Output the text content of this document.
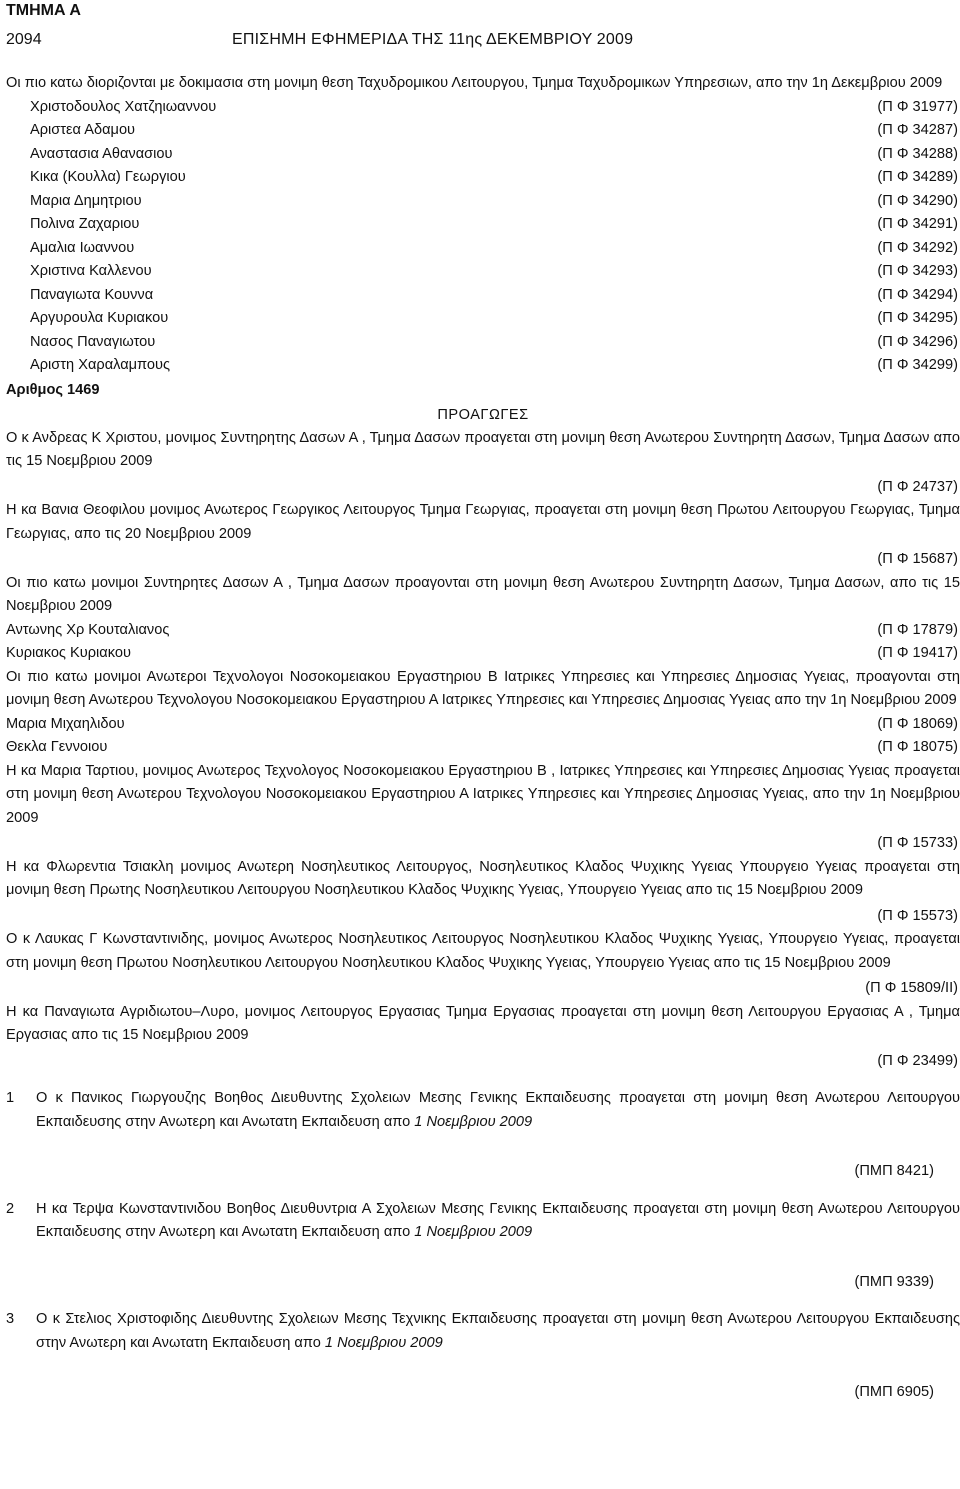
ΤΜΗΜΑ Α
2094	ΕΠΙΣΗΜΗ ΕΦΗΜΕΡΙΔΑ ΤΗΣ 11ης ΔΕΚΕΜΒΡΙΟΥ 2009
Οι πιο κατω διοριζονται με δοκιμασια στη μονιμη θεση Ταχυδρομικου Λειτουργου, Τμημα Ταχυδρομικων Υπηρεσιων, απο την 1η Δεκεμβριου 2009
Χριστοδουλος Χατζηιωαννου	(Π Φ 31977)
Αριστεα Αδαμου	(Π Φ 34287)
Αναστασια Αθανασιου	(Π Φ 34288)
Κικα (Κουλλα) Γεωργιου	(Π Φ 34289)
Μαρια Δημητριου	(Π Φ 34290)
Πολινα Ζαχαριου	(Π Φ 34291)
Αμαλια Ιωαννου	(Π Φ 34292)
Χριστινα Καλλενου	(Π Φ 34293)
Παναγιωτα Κουννα	(Π Φ 34294)
Αργυρουλα Κυριακου	(Π Φ 34295)
Νασος Παναγιωτου	(Π Φ 34296)
Αριστη Χαραλαμπους	(Π Φ 34299)
Αριθμος 1469
ΠΡΟΑΓΩΓΕΣ
Ο κ Ανδρεας Κ Χριστου, μονιμος Συντηρητης Δασων Α , Τμημα Δασων προαγεται στη μονιμη θεση Ανωτερου Συντηρητη Δασων, Τμημα Δασων απο τις 15 Νοεμβριου 2009
(Π Φ 24737)
Η κα Βανια Θεοφιλου μονιμος Ανωτερος Γεωργικος Λειτουργος Τμημα Γεωργιας, προαγεται στη μονιμη θεση Πρωτου Λειτουργου Γεωργιας, Τμημα Γεωργιας, απο τις 20 Νοεμβριου 2009
(Π Φ 15687)
Οι πιο κατω μονιμοι Συντηρητες Δασων Α , Τμημα Δασων προαγονται στη μονιμη θεση Ανωτερου Συντηρητη Δασων, Τμημα Δασων, απο τις 15 Νοεμβριου 2009
Αντωνης Χρ Κουταλιανος	(Π Φ 17879)
Κυριακος Κυριακου	(Π Φ 19417)
Οι πιο κατω μονιμοι Ανωτεροι Τεχνολογοι Νοσοκομειακου Εργαστηριου Β Ιατρικες Υπηρεσιες και Υπηρεσιες Δημοσιας Υγειας, προαγονται στη μονιμη θεση Ανωτερου Τεχνολογου Νοσοκομειακου Εργαστηριου Α Ιατρικες Υπηρεσιες και Υπηρεσιες Δημοσιας Υγειας απο την 1η Νοεμβριου 2009
Μαρια Μιχαηλιδου	(Π Φ 18069)
Θεκλα Γεννοιου	(Π Φ 18075)
Η κα Μαρια Ταρτιου, μονιμος Ανωτερος Τεχνολογος Νοσοκομειακου Εργαστηριου Β , Ιατρικες Υπηρεσιες και Υπηρεσιες Δημοσιας Υγειας προαγεται στη μονιμη θεση Ανωτερου Τεχνολογου Νοσοκομειακου Εργαστηριου Α Ιατρικες Υπηρεσιες και Υπηρεσιες Δημοσιας Υγειας, απο την 1η Νοεμβριου 2009
(Π Φ 15733)
Η κα Φλωρεντια Τσιακλη μονιμος Ανωτερη Νοσηλευτικος Λειτουργος, Νοσηλευτικος Κλαδος Ψυχικης Υγειας Υπουργειο Υγειας προαγεται στη μονιμη θεση Πρωτης Νοσηλευτικου Λειτουργου Νοσηλευτικου Κλαδος Ψυχικης Υγειας, Υπουργειο Υγειας απο τις 15 Νοεμβριου 2009
(Π Φ 15573)
Ο κ Λαυκας Γ Κωνσταντινιδης, μονιμος Ανωτερος Νοσηλευτικος Λειτουργος Νοσηλευτικου Κλαδος Ψυχικης Υγειας, Υπουργειο Υγειας, προαγεται στη μονιμη θεση Πρωτου Νοσηλευτικου Λειτουργου Νοσηλευτικου Κλαδος Ψυχικης Υγειας, Υπουργειο Υγειας απο τις 15 Νοεμβριου 2009
(Π Φ 15809/ΙΙ)
Η κα Παναγιωτα Αγριδιωτου–Λυρο, μονιμος Λειτουργος Εργασιας Τμημα Εργασιας προαγεται στη μονιμη θεση Λειτουργου Εργασιας Α , Τμημα Εργασιας απο τις 15 Νοεμβριου 2009
(Π Φ 23499)
1	Ο κ Πανικος Γιωργουζης Βοηθος Διευθυντης Σχολειων Μεσης Γενικης Εκπαιδευσης προαγεται στη μονιμη θεση Ανωτερου Λειτουργου Εκπαιδευσης στην Ανωτερη και Ανωτατη Εκπαιδευση απο 1 Νοεμβριου 2009
(ΠΜΠ 8421)
2	Η κα Τερψα Κωνσταντινιδου Βοηθος Διευθυντρια Α Σχολειων Μεσης Γενικης Εκπαιδευσης προαγεται στη μονιμη θεση Ανωτερου Λειτουργου Εκπαιδευσης στην Ανωτερη και Ανωτατη Εκπαιδευση απο 1 Νοεμβριου 2009
(ΠΜΠ 9339)
3	Ο κ Στελιος Χριστοφιδης Διευθυντης Σχολειων Μεσης Τεχνικης Εκπαιδευσης προαγεται στη μονιμη θεση Ανωτερου Λειτουργου Εκπαιδευσης στην Ανωτερη και Ανωτατη Εκπαιδευση απο 1 Νοεμβριου 2009
(ΠΜΠ 6905)
